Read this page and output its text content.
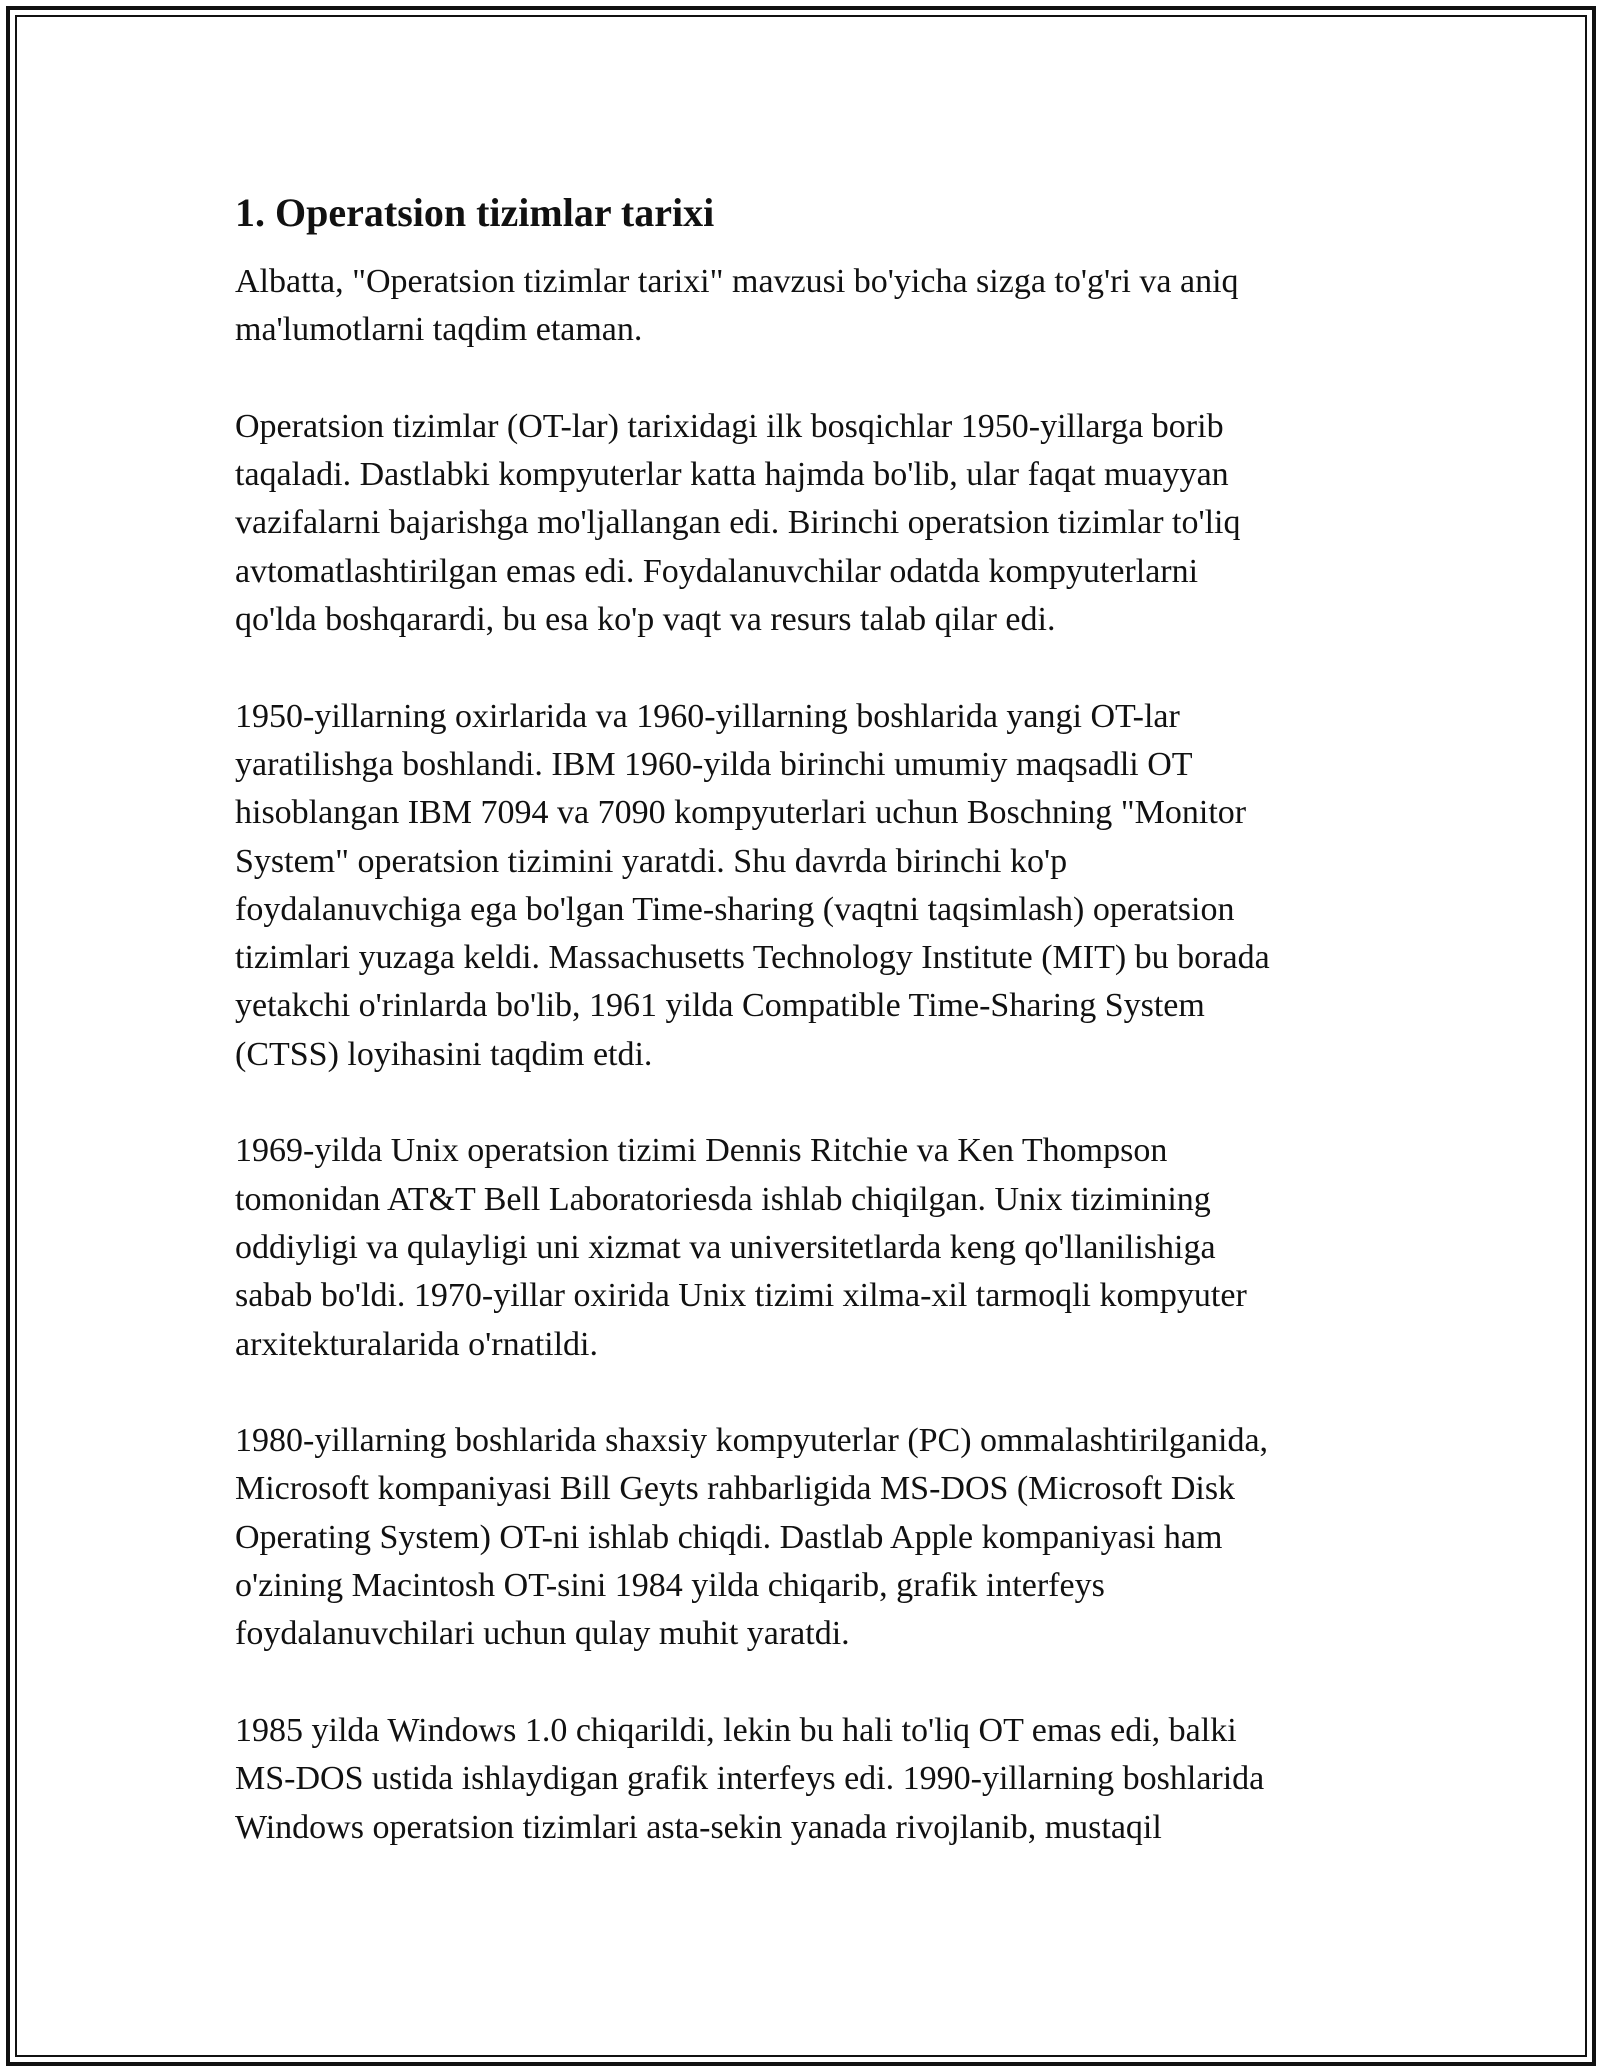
1. Operatsion tizimlar tarixi

Albatta, "Operatsion tizimlar tarixi" mavzusi bo'yicha sizga to'g'ri va aniq
ma'lumotlarni taqdim etaman.

Operatsion tizimlar (OT-lar) tarixidagi ilk bosqichlar 1950-yillarga borib
taqaladi. Dastlabki kompyuterlar katta hajmda bo'lib, ular faqat muayyan
vazifalarni bajarishga mo'ljallangan edi. Birinchi operatsion tizimlar to'liq
avtomatlashtirilgan emas edi. Foydalanuvchilar odatda kompyuterlarni
qo'lda boshqarardi, bu esa ko'p vaqt va resurs talab qilar edi.

1950-yillarning oxirlarida va 1960-yillarning boshlarida yangi OT-lar
yaratilishga boshlandi. IBM 1960-yilda birinchi umumiy maqsadli OT
hisoblangan IBM 7094 va 7090 kompyuterlari uchun Boschning "Monitor
System" operatsion tizimini yaratdi. Shu davrda birinchi ko'p
foydalanuvchiga ega bo'lgan Time-sharing (vaqtni taqsimlash) operatsion
tizimlari yuzaga keldi. Massachusetts Technology Institute (MIT) bu borada
yetakchi o'rinlarda bo'lib, 1961 yilda Compatible Time-Sharing System
(CTSS) loyihasini taqdim etdi.

1969-yilda Unix operatsion tizimi Dennis Ritchie va Ken Thompson
tomonidan AT&T Bell Laboratoriesda ishlab chiqilgan. Unix tizimining
oddiyligi va qulayligi uni xizmat va universitetlarda keng qo'llanilishiga
sabab bo'ldi. 1970-yillar oxirida Unix tizimi xilma-xil tarmoqli kompyuter
arxitekturalarida o'rnatildi.

1980-yillarning boshlarida shaxsiy kompyuterlar (PC) ommalashtirilganida,
Microsoft kompaniyasi Bill Geyts rahbarligida MS-DOS (Microsoft Disk
Operating System) OT-ni ishlab chiqdi. Dastlab Apple kompaniyasi ham
o'zining Macintosh OT-sini 1984 yilda chiqarib, grafik interfeys
foydalanuvchilari uchun qulay muhit yaratdi.

1985 yilda Windows 1.0 chiqarildi, lekin bu hali to'liq OT emas edi, balki
MS-DOS ustida ishlaydigan grafik interfeys edi. 1990-yillarning boshlarida
Windows operatsion tizimlari asta-sekin yanada rivojlanib, mustaqil
